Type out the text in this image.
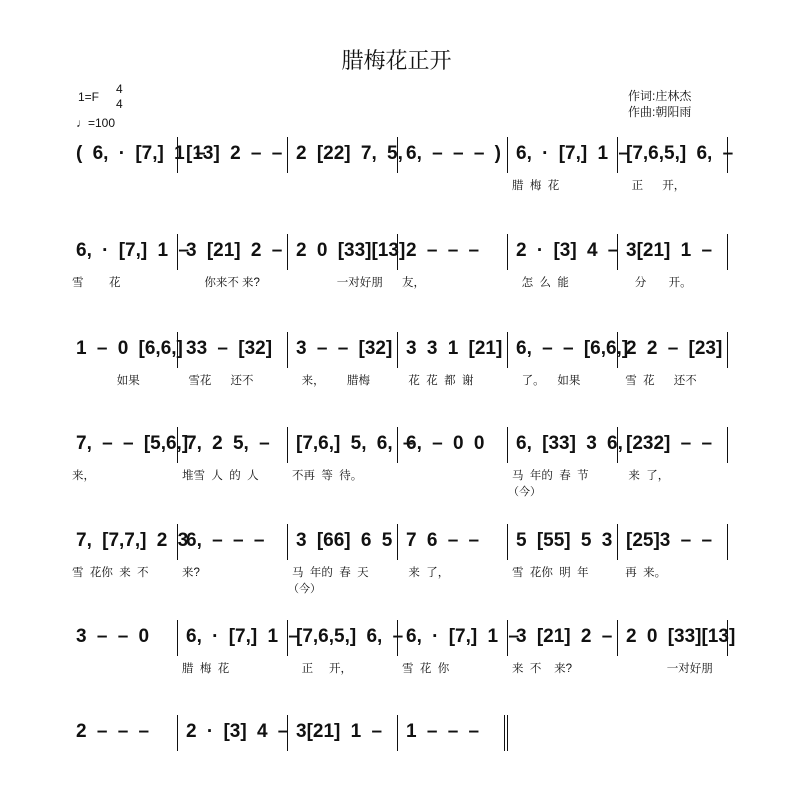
腊梅花正开
1=F
4
4
♩=100
作词:庄林杰
作曲:朝阳雨
( 6, · [7,] 1 –
[13] 2 – – 2 [22] 7, 5, 6, – – – ) 6, · [7,] 1 –
腊  梅  花
[7,6,5,] 6, –
正      开，
6, · [7,] 1 –
雪        花
3 [21] 2 –
你来不 来?
2 0 [33][13]
一对好朋
2 – – –
友，
2 · [3] 4 –
怎  么  能
3[21] 1 –
分       开。
1 – 0 [6,6,]
如果
33 – [32]
雪花      还不
3 – – [32]
来，       腊梅
3 3 1 [21]
花  花  都  谢
6, – – [6,6,]
了。    如果
2 2 – [23]
雪  花      还不
7, – – [5,6,]
来，
7, 2 5, –
堆雪  人  的  人
[7,6,] 5, 6, –
不再  等  待。
6, – 0 0	6, [33] 3 6,
马  年的  春  节
（今）
[232] – –
来  了，
7, [7,7,] 2 3
雪  花你  来  不
6, – – –
来?
3 [66] 6 5
马  年的  春  天
（今）
7 6 – –
来  了，
5 [55] 5 3
雪  花你  明  年
[25]3 – –
再  来。
3 – – 0	6, · [7,] 1 –
腊  梅  花
[7,6,5,] 6, –
正     开，
6, · [7,] 1 –
雪  花  你
3 [21] 2 –
来  不    来?
2 0 [33][13]
一对好朋
2 – – –	2 · [3] 4 – 3[21] 1 –	1 – – –
